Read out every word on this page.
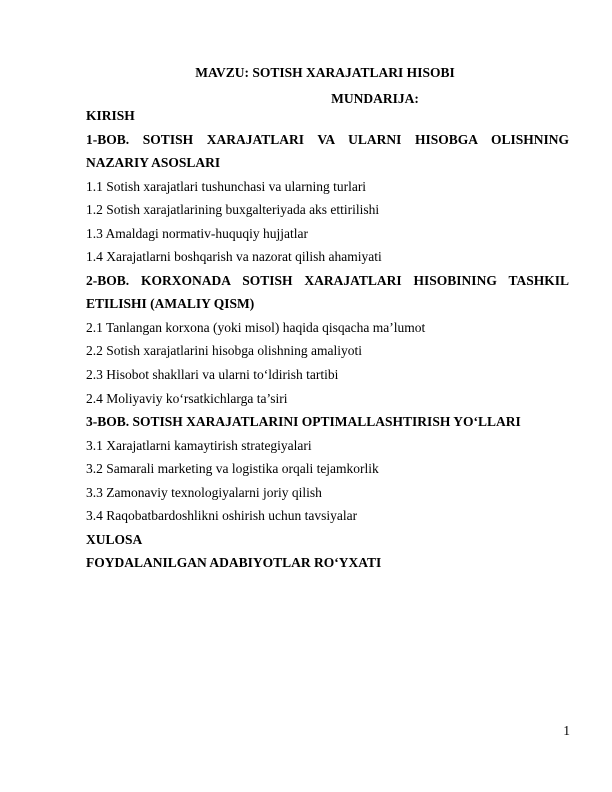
MAVZU: SOTISH XARAJATLARI HISOBI
MUNDARIJA:
KIRISH
1-BOB. SOTISH XARAJATLARI VA ULARNI HISOBGA OLISHNING
NAZARIY ASOSLARI
1.1 Sotish xarajatlari tushunchasi va ularning turlari
1.2 Sotish xarajatlarining buxgalteriyada aks ettirilishi
1.3 Amaldagi normativ-huquqiy hujjatlar
1.4 Xarajatlarni boshqarish va nazorat qilish ahamiyati
2-BOB. KORXONADA SOTISH XARAJATLARI HISOBINING TASHKIL
ETILISHI (AMALIY QISM)
2.1 Tanlangan korxona (yoki misol) haqida qisqacha ma’lumot
2.2 Sotish xarajatlarini hisobga olishning amaliyoti
2.3 Hisobot shakllari va ularni to‘ldirish tartibi
2.4 Moliyaviy ko‘rsatkichlarga ta’siri
3-BOB. SOTISH XARAJATLARINI OPTIMALLASHTIRISH YO‘LLARI
3.1 Xarajatlarni kamaytirish strategiyalari
3.2 Samarali marketing va logistika orqali tejamkorlik
3.3 Zamonaviy texnologiyalarni joriy qilish
3.4 Raqobatbardoshlikni oshirish uchun tavsiyalar
XULOSA
FOYDALANILGAN ADABIYOTLAR RO‘YXATI
1
